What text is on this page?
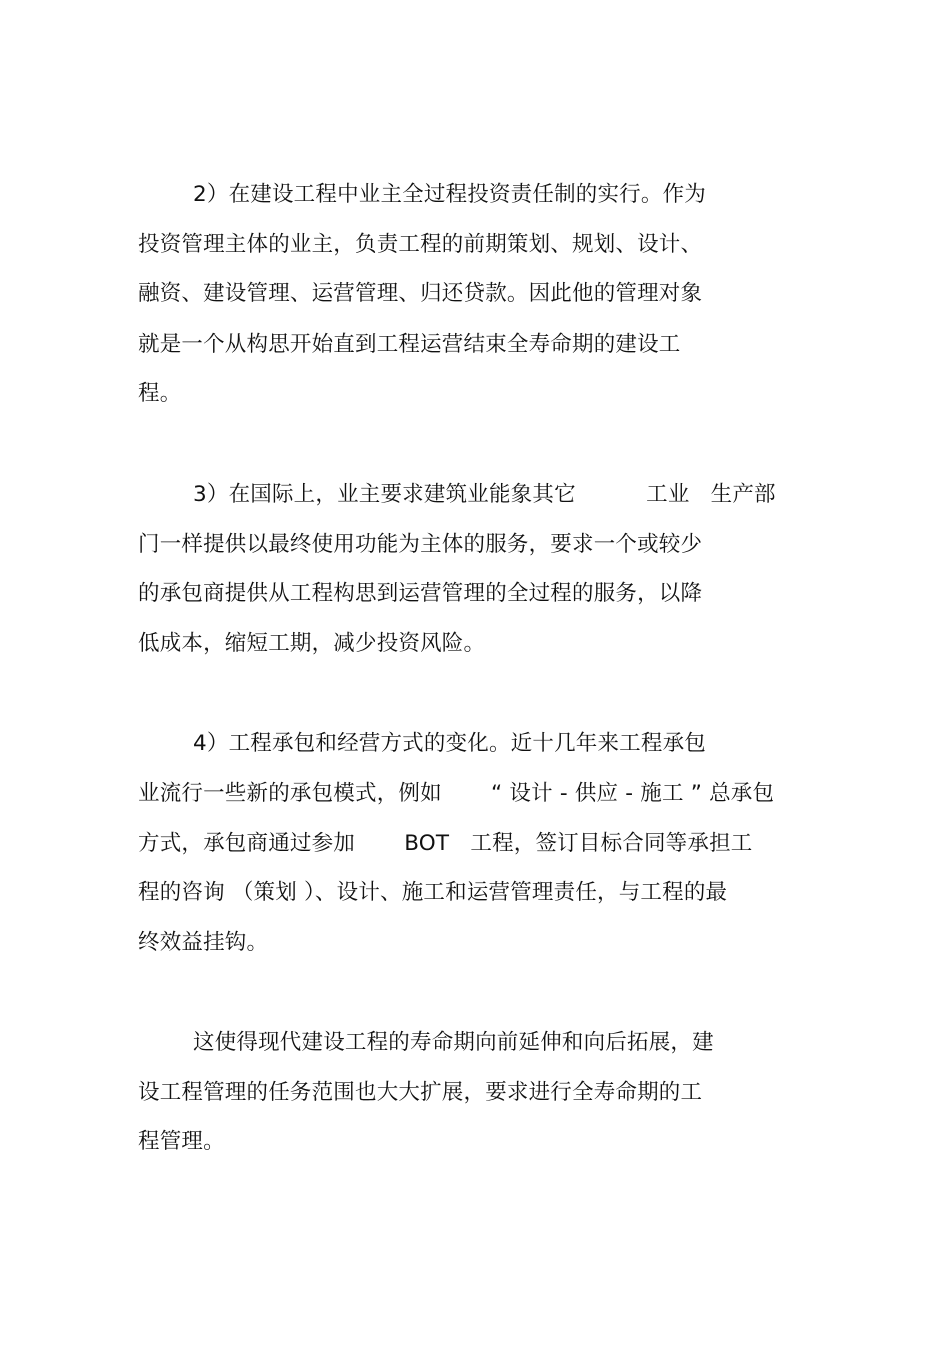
2）在建设工程中业主全过程投资责任制的实行。作为
投资管理主体的业主，负责工程的前期策划、规划、设计、
融资、建设管理、运营管理、归还贷款。因此他的管理对象
就是一个从构思开始直到工程运营结束全寿命期的建设工
程。
3）在国际上，业主要求建筑业能象其它          工业   生产部
门一样提供以最终使用功能为主体的服务，要求一个或较少
的承包商提供从工程构思到运营管理的全过程的服务，以降
低成本，缩短工期，减少投资风险。
4）工程承包和经营方式的变化。近十几年来工程承包
业流行一些新的承包模式，例如       “ 设计 - 供应 - 施工 ” 总承包
方式，承包商通过参加       BOT   工程，签订目标合同等承担工
程的咨询 （策划 ）、设计、施工和运营管理责任，与工程的最
终效益挂钩。
这使得现代建设工程的寿命期向前延伸和向后拓展，建
设工程管理的任务范围也大大扩展，要求进行全寿命期的工
程管理。
